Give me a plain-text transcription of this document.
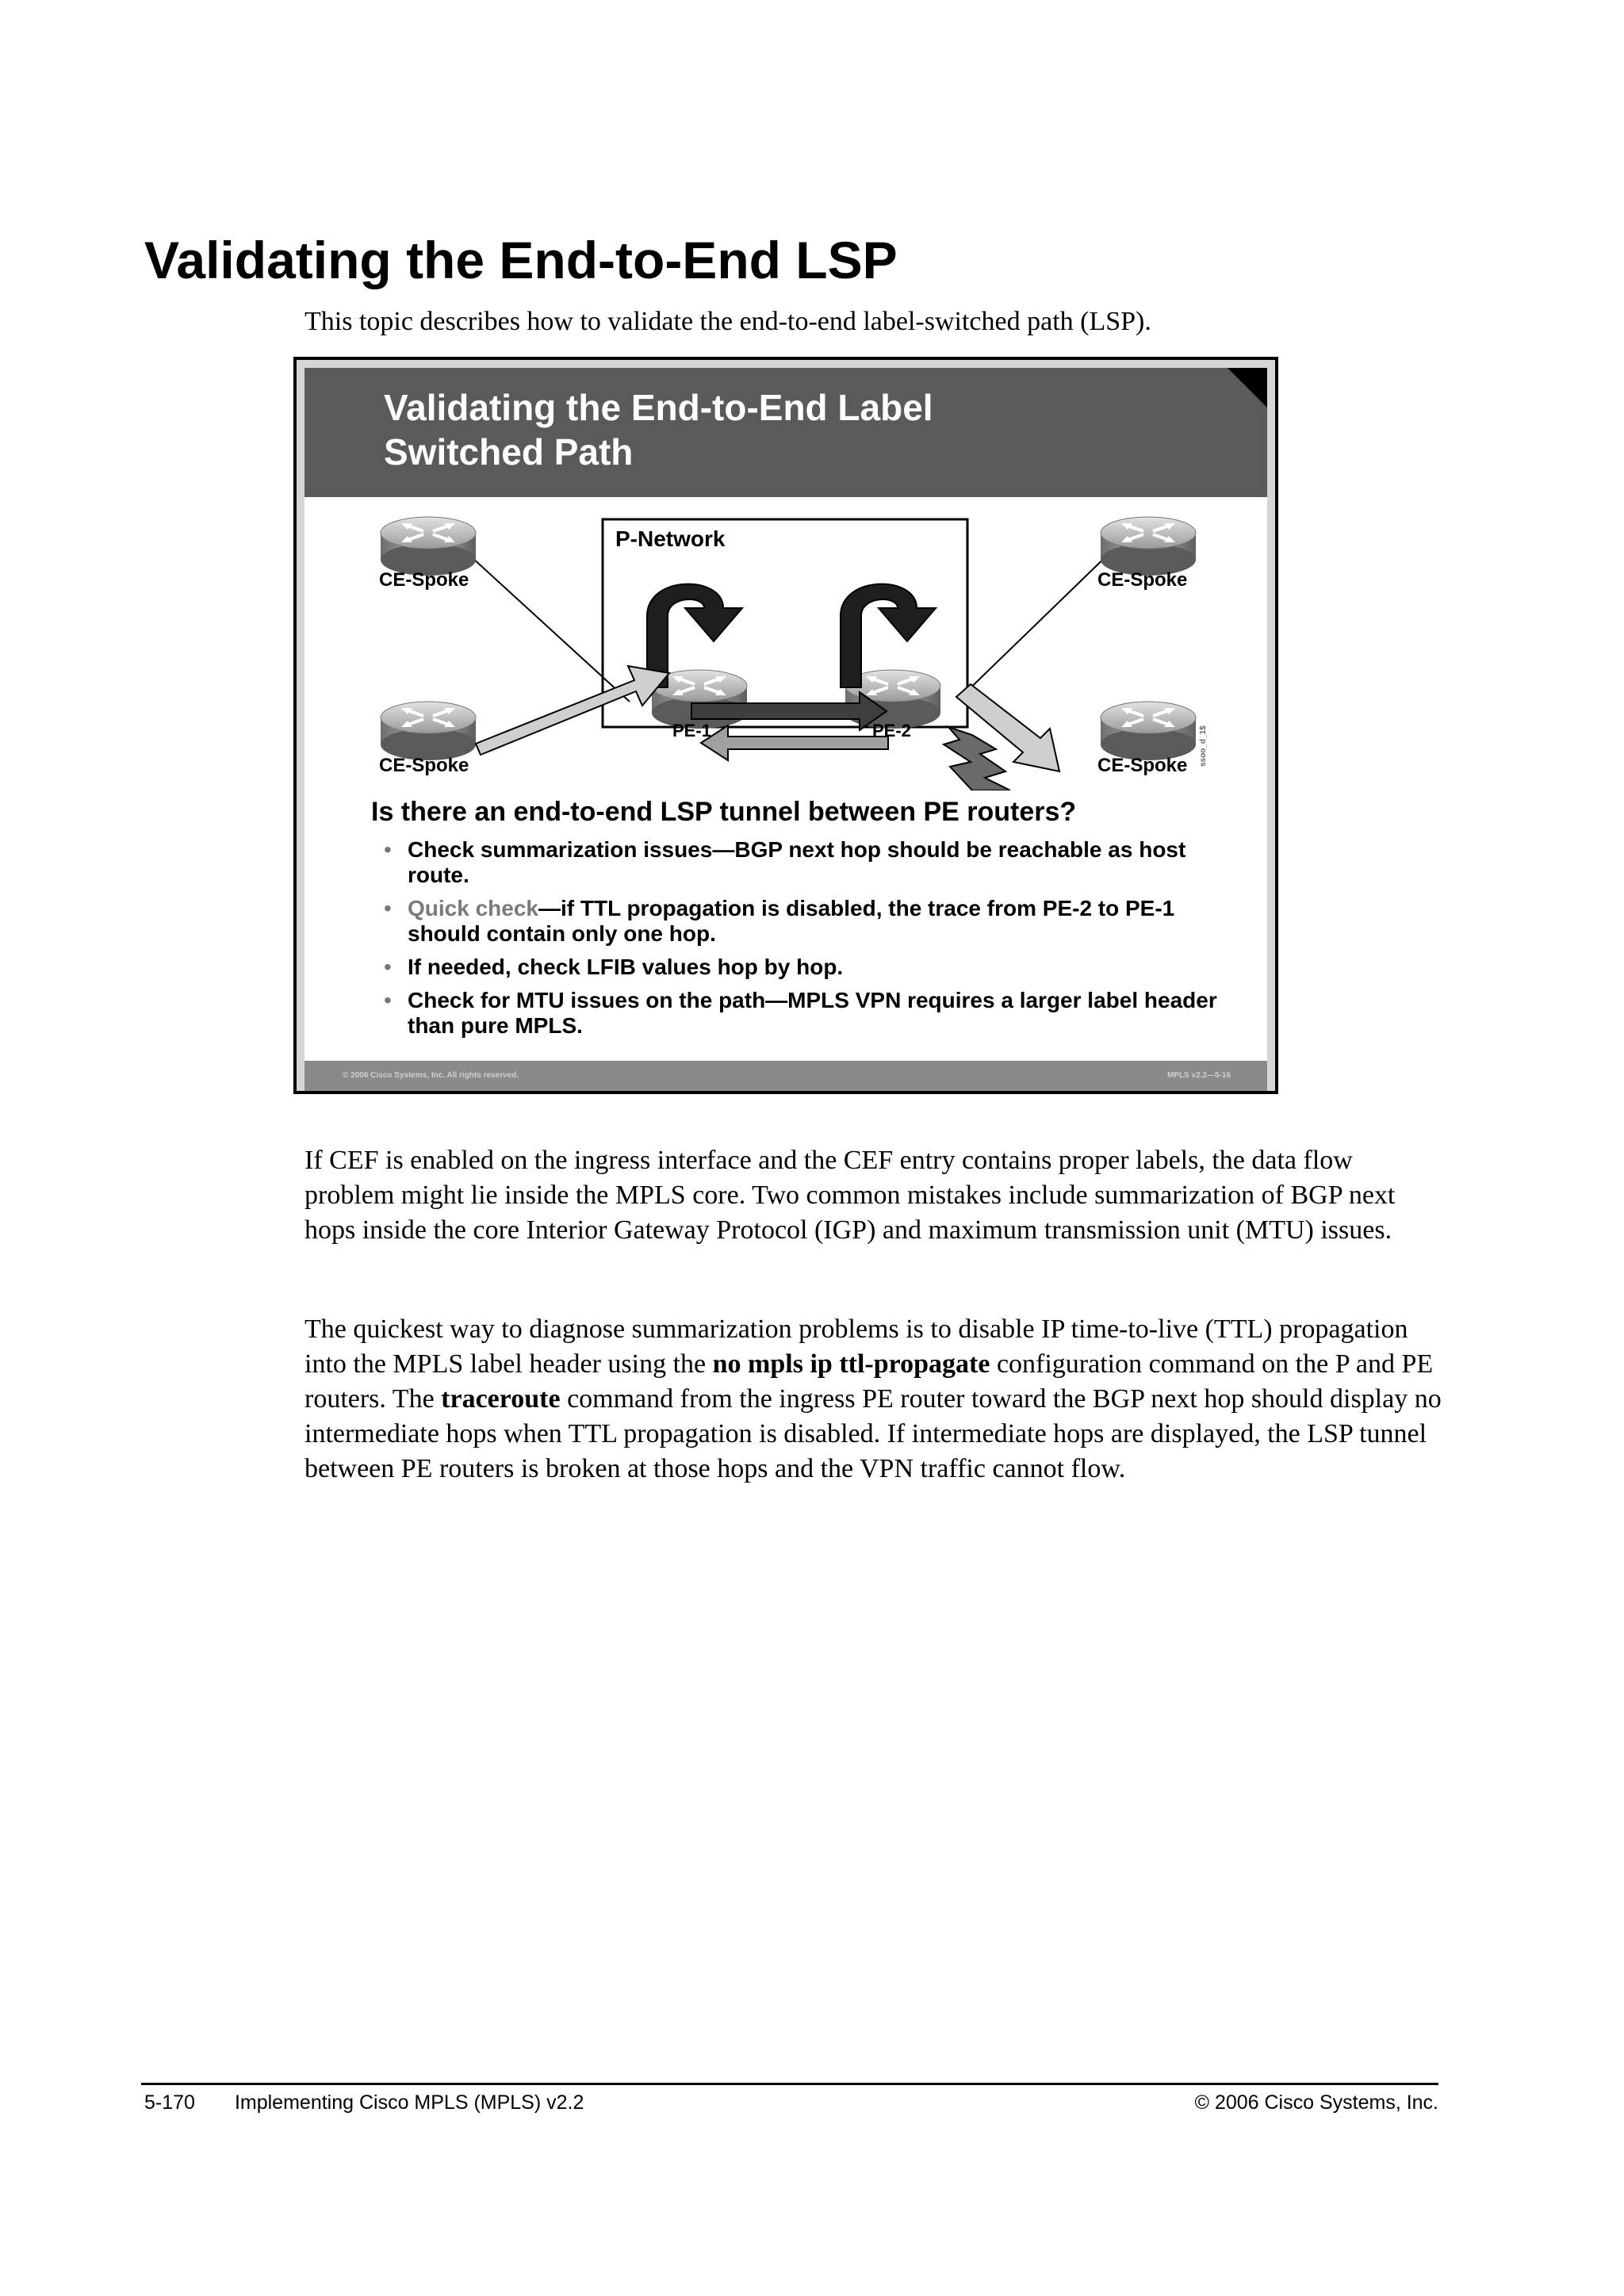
Validating the End-to-End LSP

This topic describes how to validate the end-to-end label-switched path (LSP).

Validating the End-to-End Label
Switched Path
P-Network
CE-Spoke	CE-Spoke
CE-Spoke	CE-Spoke
PE-1	PE-2	ssoo_d_1$

Is there an end-to-end LSP tunnel between PE routers?

• Check summarization issues—BGP next hop should be reachable as host route.
• Quick check—if TTL propagation is disabled, the trace from PE-2 to PE-1 should contain only one hop.
• If needed, check LFIB values hop by hop.
• Check for MTU issues on the path—MPLS VPN requires a larger label header than pure MPLS.
© 2006 Cisco Systems, Inc. All rights reserved.	MPLS v2.2—5-16

If CEF is enabled on the ingress interface and the CEF entry contains proper labels, the data flow problem might lie inside the MPLS core. Two common mistakes include summarization of BGP next hops inside the core Interior Gateway Protocol (IGP) and maximum transmission unit (MTU) issues.

The quickest way to diagnose summarization problems is to disable IP time-to-live (TTL) propagation into the MPLS label header using the no mpls ip ttl-propagate configuration command on the P and PE routers. The traceroute command from the ingress PE router toward the BGP next hop should display no intermediate hops when TTL propagation is disabled. If intermediate hops are displayed, the LSP tunnel between PE routers is broken at those hops and the VPN traffic cannot flow.

5-170 Implementing Cisco MPLS (MPLS) v2.2	© 2006 Cisco Systems, Inc.
